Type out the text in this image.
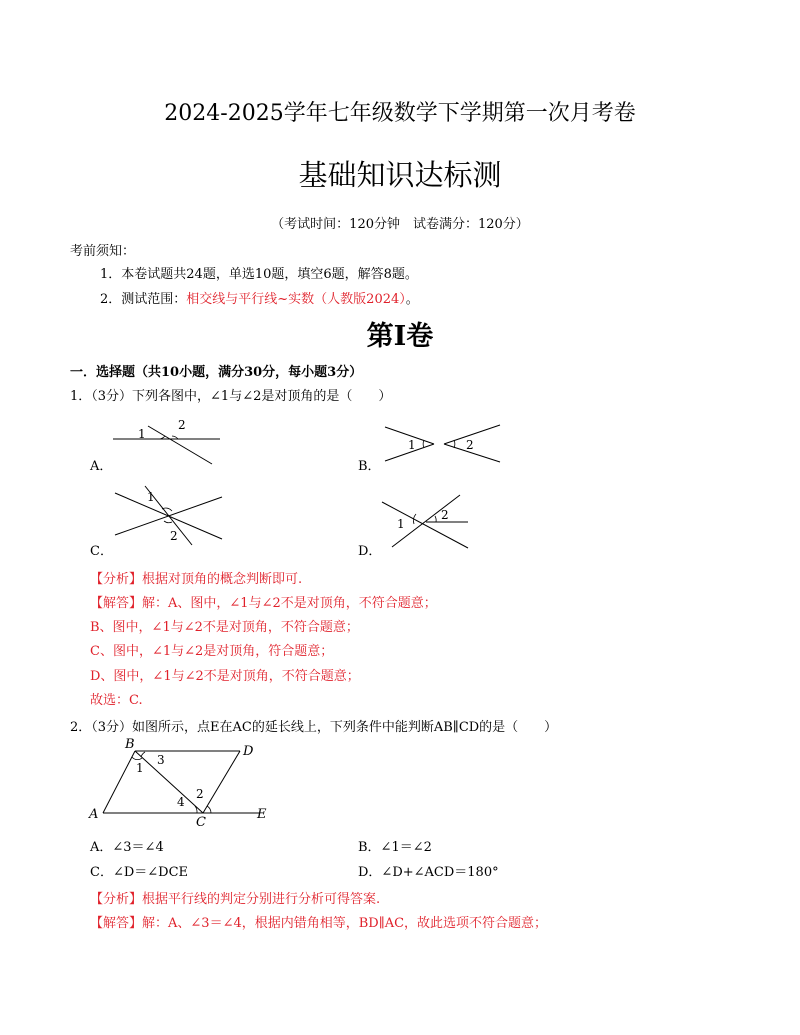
2024-2025学年七年级数学下学期第一次月考卷
基础知识达标测
（考试时间：120分钟　试卷满分：120分）
考前须知：
1．本卷试题共24题，单选10题，填空6题，解答8题。
2．测试范围：相交线与平行线~实数（人教版2024）。
第Ⅰ卷
一．选择题（共10小题，满分30分，每小题3分）
1．（3分）下列各图中，∠1与∠2是对顶角的是（　　）
1
2
A．
1	2
B．
1
2
C．
1
2
D．
【分析】根据对顶角的概念判断即可.
【解答】解：A、图中，∠1与∠2不是对顶角，不符合题意；
B、图中，∠1与∠2不是对顶角，不符合题意；
C、图中，∠1与∠2是对顶角，符合题意；
D、图中，∠1与∠2不是对顶角，不符合题意；
故选：C.
2．（3分）如图所示，点E在AC的延长线上，下列条件中能判断AB∥CD的是（　　）
B	D
A
C
E
1
3
4
2
A．∠3＝∠4	B．∠1＝∠2
C．∠D＝∠DCE	D．∠D+∠ACD＝180°
【分析】根据平行线的判定分别进行分析可得答案.
【解答】解：A、∠3＝∠4，根据内错角相等，BD∥AC，故此选项不符合题意；
